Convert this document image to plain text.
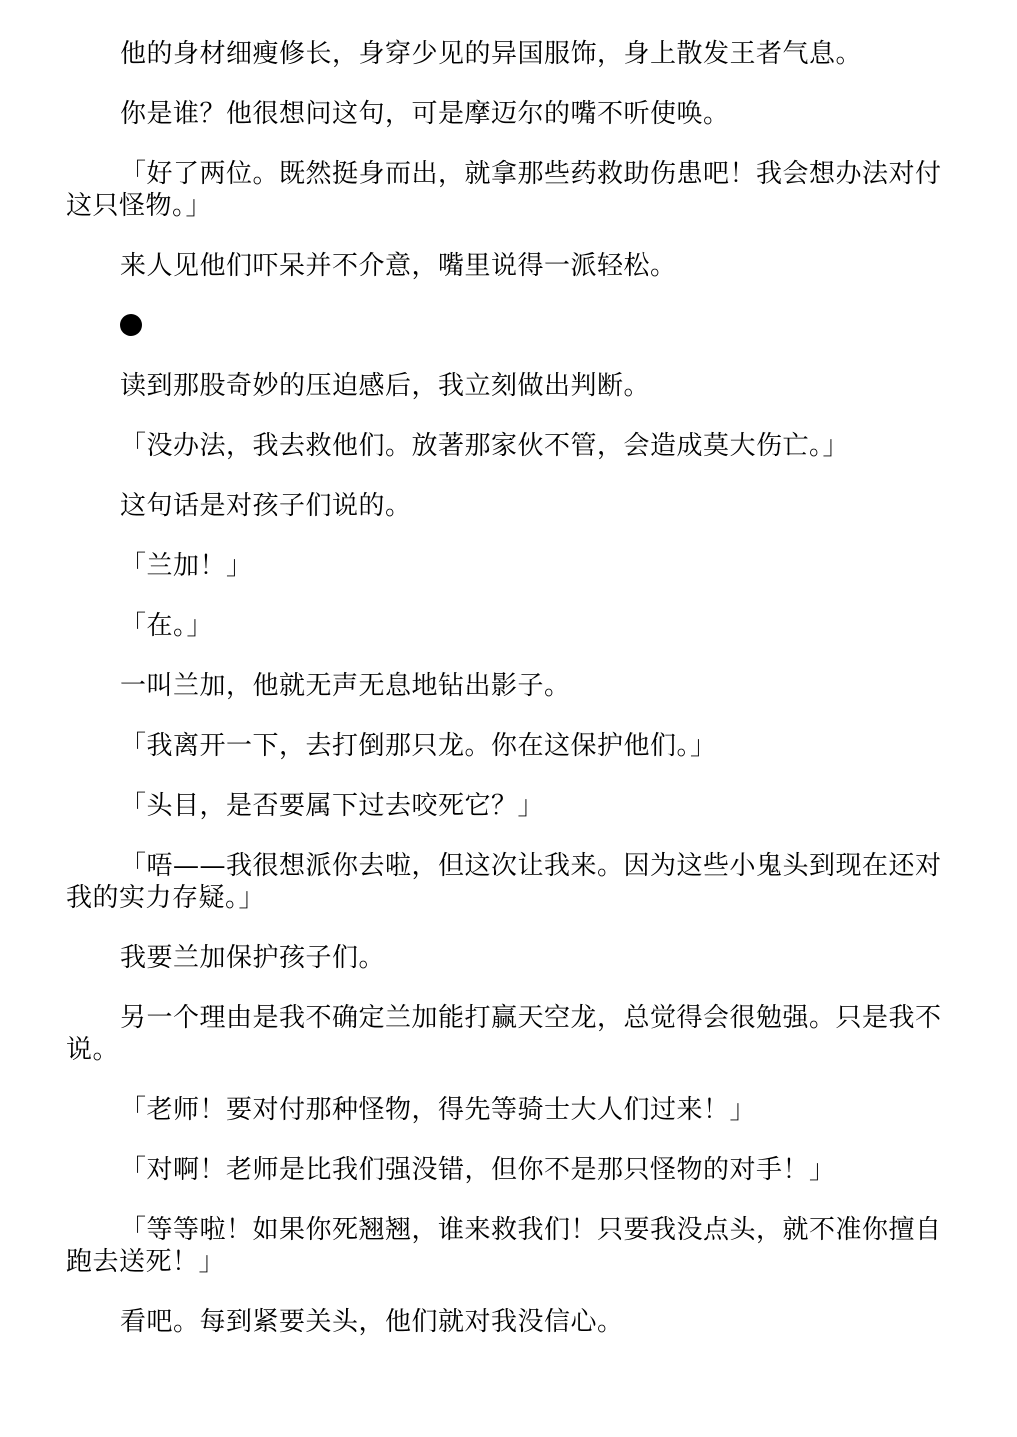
他的身材细瘦修长，身穿少见的异国服饰，身上散发王者气息。

你是谁？他很想问这句，可是摩迈尔的嘴不听使唤。

「好了两位。既然挺身而出，就拿那些药救助伤患吧！我会想办法对付这只怪物。」

来人见他们吓呆并不介意，嘴里说得一派轻松。

读到那股奇妙的压迫感后，我立刻做出判断。

「没办法，我去救他们。放著那家伙不管，会造成莫大伤亡。」

这句话是对孩子们说的。

「兰加！」

「在。」

一叫兰加，他就无声无息地钻出影子。

「我离开一下，去打倒那只龙。你在这保护他们。」

「头目，是否要属下过去咬死它？」

「唔——我很想派你去啦，但这次让我来。因为这些小鬼头到现在还对我的实力存疑。」

我要兰加保护孩子们。

另一个理由是我不确定兰加能打赢天空龙，总觉得会很勉强。只是我不说。

「老师！要对付那种怪物，得先等骑士大人们过来！」

「对啊！老师是比我们强没错，但你不是那只怪物的对手！」

「等等啦！如果你死翘翘，谁来救我们！只要我没点头，就不准你擅自跑去送死！」

看吧。每到紧要关头，他们就对我没信心。
